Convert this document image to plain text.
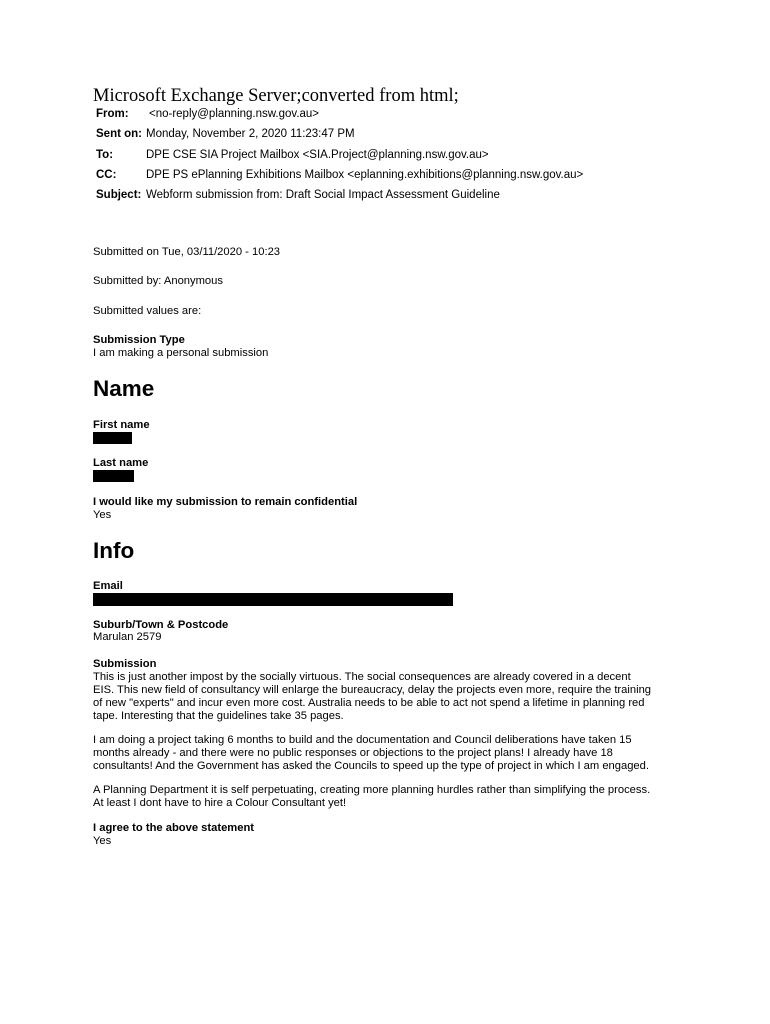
Microsoft Exchange Server;converted from html;
From: <no-reply@planning.nsw.gov.au>
Sent on: Monday, November 2, 2020 11:23:47 PM
To:	DPE CSE SIA Project Mailbox <SIA.Project@planning.nsw.gov.au>
CC:	DPE PS ePlanning Exhibitions Mailbox <eplanning.exhibitions@planning.nsw.gov.au>
Subject: Webform submission from: Draft Social Impact Assessment Guideline
Submitted on Tue, 03/11/2020 - 10:23
Submitted by: Anonymous
Submitted values are:
Submission Type
I am making a personal submission
Name
First name
Last name
I would like my submission to remain confidential
Yes
Info
Email
Suburb/Town & Postcode
Marulan 2579
Submission
This is just another impost by the socially virtuous. The social consequences are already covered in a decent
EIS. This new field of consultancy will enlarge the bureaucracy, delay the projects even more, require the training
of new "experts" and incur even more cost. Australia needs to be able to act not spend a lifetime in planning red
tape. Interesting that the guidelines take 35 pages.
I am doing a project taking 6 months to build and the documentation and Council deliberations have taken 15
months already - and there were no public responses or objections to the project plans! I already have 18
consultants! And the Government has asked the Councils to speed up the type of project in which I am engaged.
A Planning Department it is self perpetuating, creating more planning hurdles rather than simplifying the process.
At least I dont have to hire a Colour Consultant yet!
I agree to the above statement
Yes
